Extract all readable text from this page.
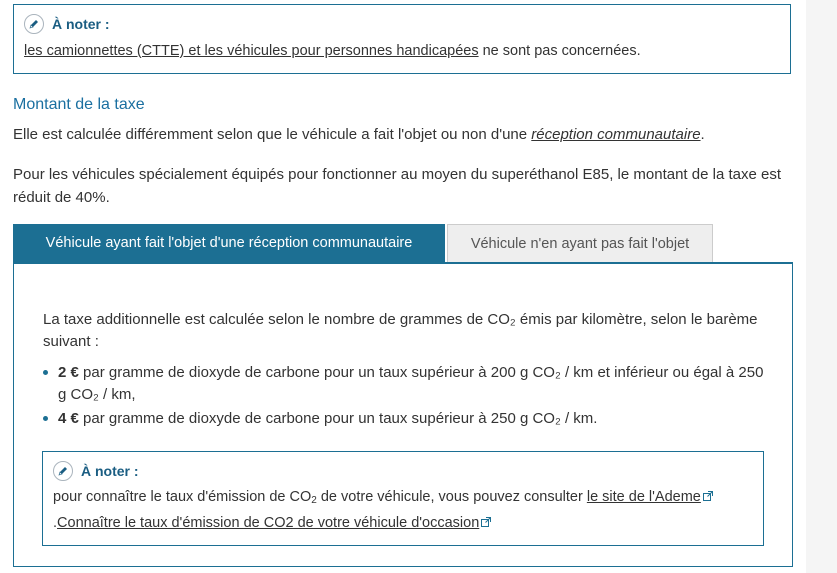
À noter :
les camionnettes (CTTE) et les véhicules pour personnes handicapées ne sont pas concernées.
Montant de la taxe
Elle est calculée différemment selon que le véhicule a fait l'objet ou non d'une réception communautaire.
Pour les véhicules spécialement équipés pour fonctionner au moyen du superéthanol E85, le montant de la taxe est réduit de 40%.
Véhicule ayant fait l'objet d'une réception communautaire	Véhicule n'en ayant pas fait l'objet
La taxe additionnelle est calculée selon le nombre de grammes de CO₂ émis par kilomètre, selon le barème suivant :
2 € par gramme de dioxyde de carbone pour un taux supérieur à 200 g CO₂ / km et inférieur ou égal à 250 g CO₂ / km,
4 € par gramme de dioxyde de carbone pour un taux supérieur à 250 g CO₂ / km.
À noter :
pour connaître le taux d'émission de $CO_2$ de votre véhicule, vous pouvez consulter le site de l'Ademe .Connaître le taux d'émission de CO2 de votre véhicule d'occasion
